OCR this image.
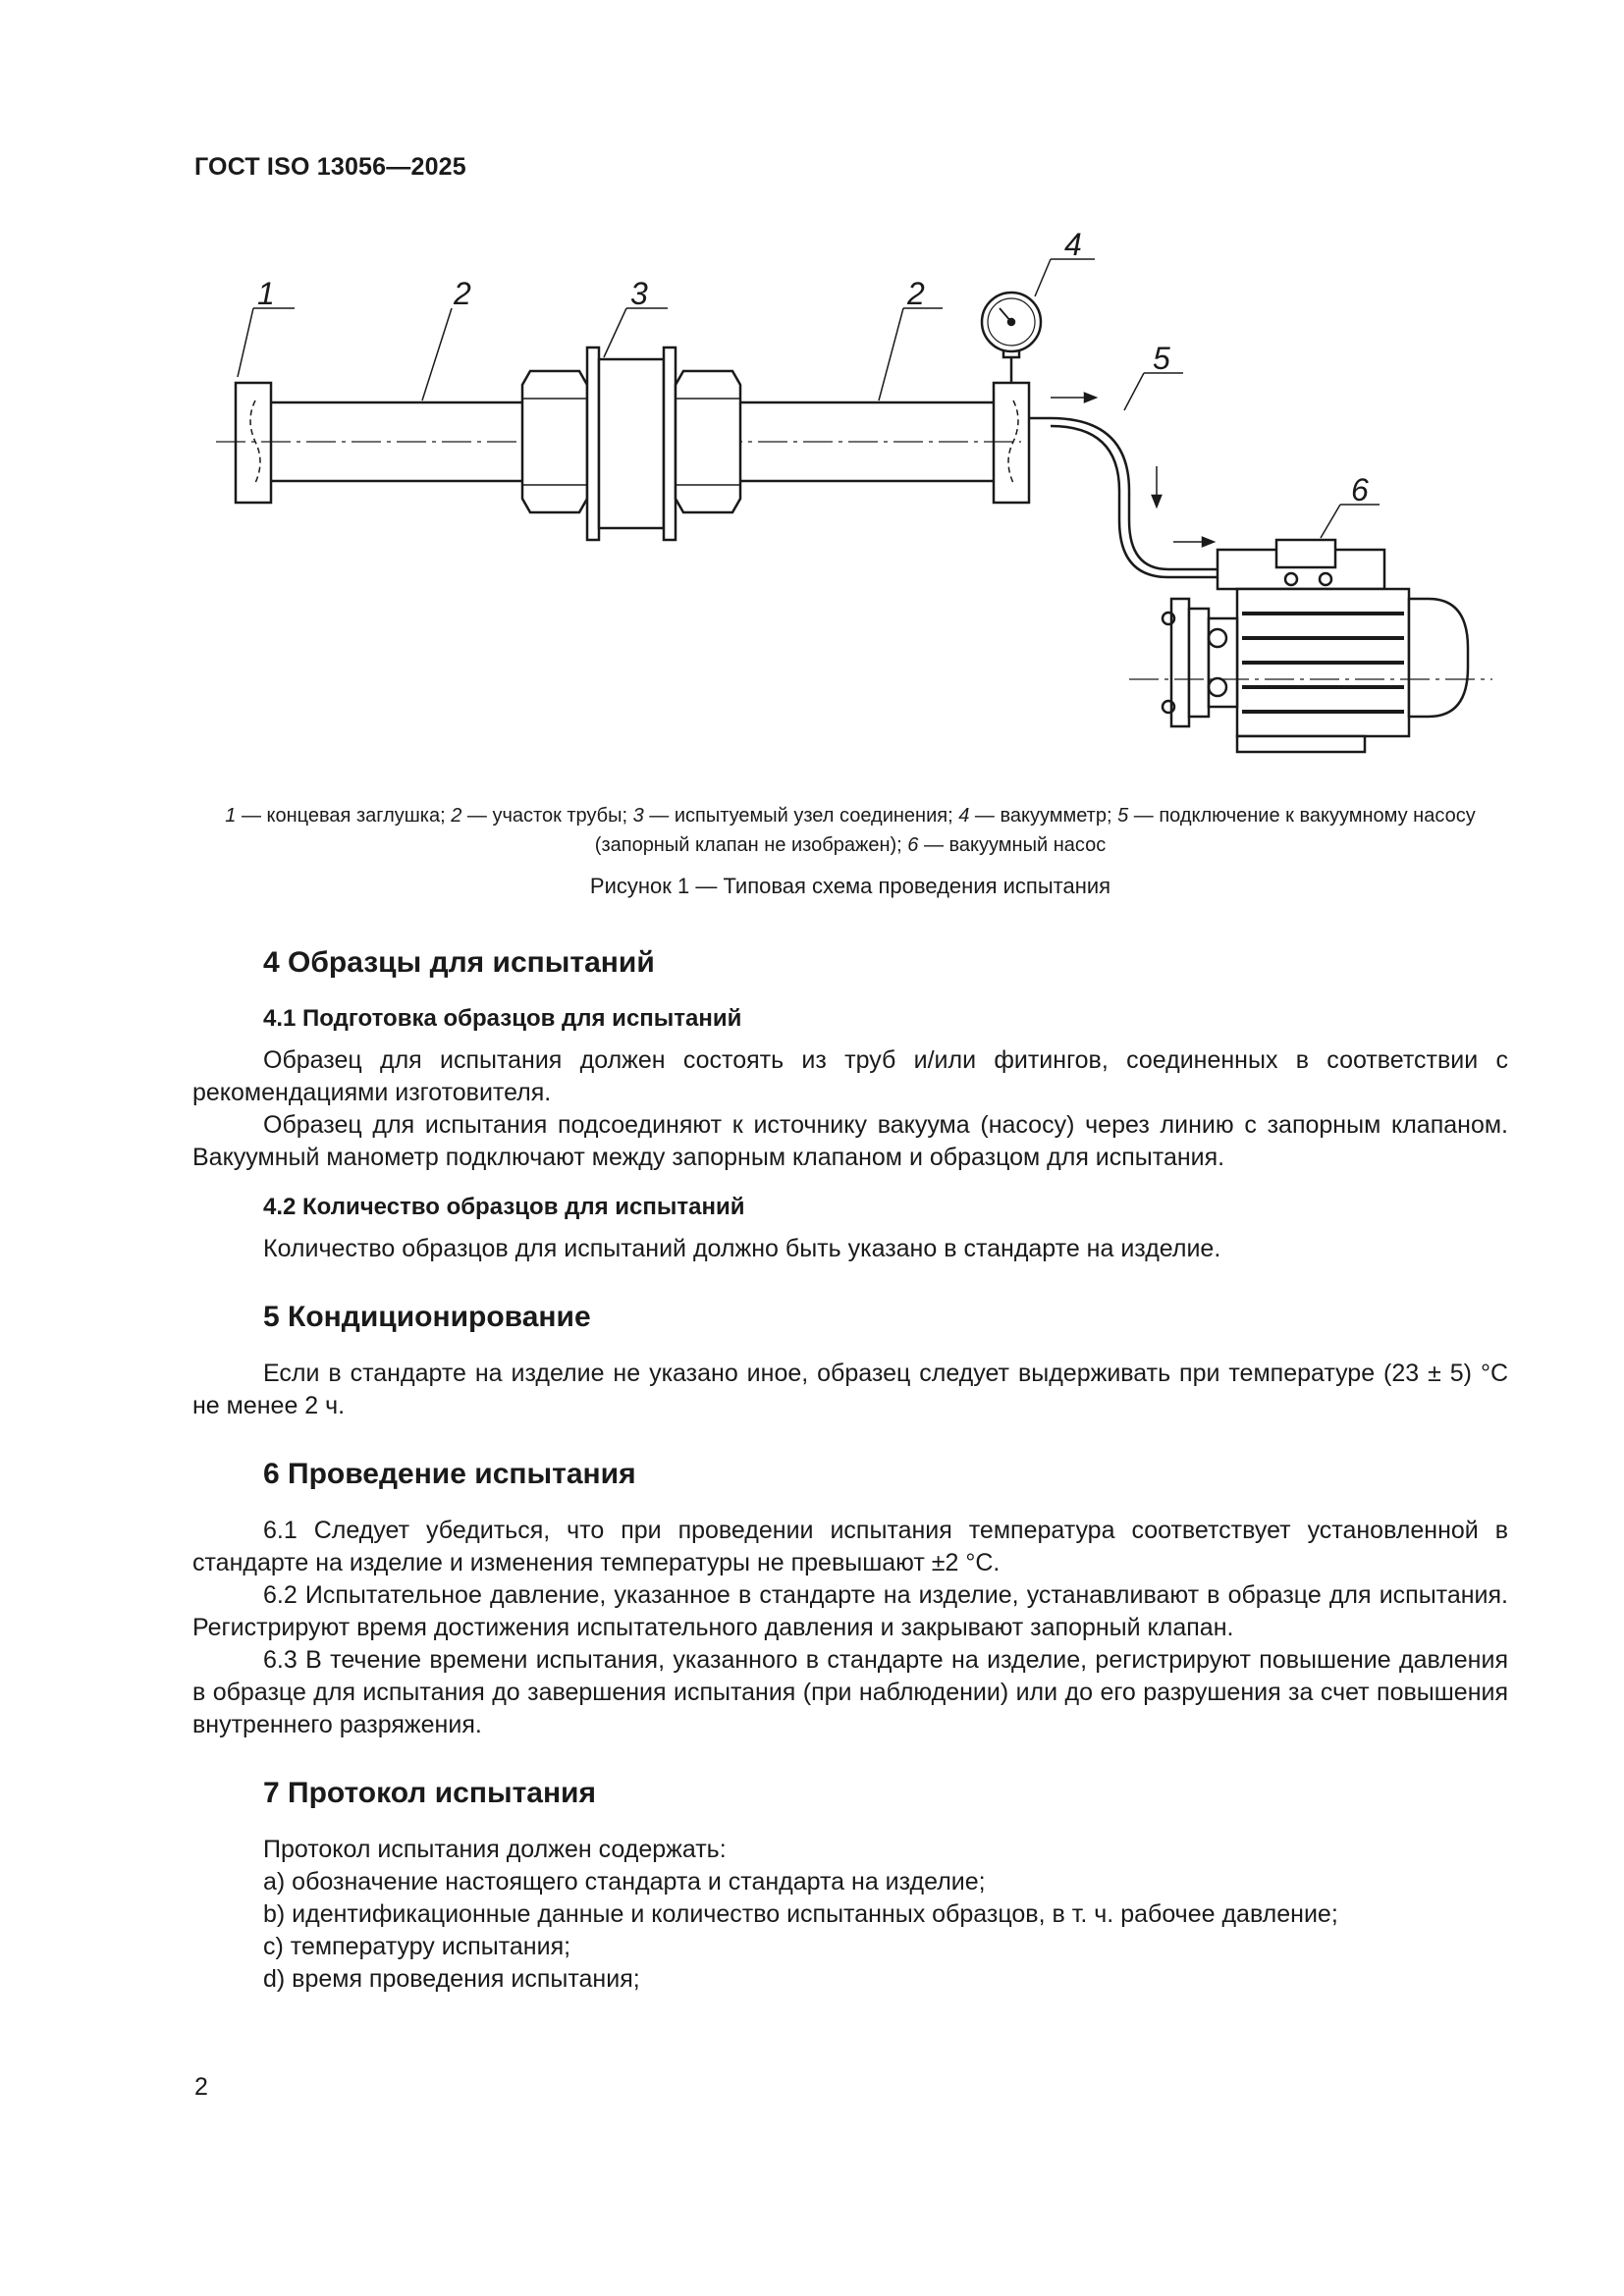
ГОСТ ISO 13056—2025
1	2	3	2
4
5
6
1 — концевая заглушка; 2 — участок трубы; 3 — испытуемый узел соединения; 4 — вакуумметр; 5 — подключение к вакуумному насосу (запорный клапан не изображен); 6 — вакуумный насос
Рисунок 1 — Типовая схема проведения испытания
4 Образцы для испытаний
4.1 Подготовка образцов для испытаний

Образец для испытания должен состоять из труб и/или фитингов, соединенных в соответствии с рекомендациями изготовителя.

Образец для испытания подсоединяют к источнику вакуума (насосу) через линию с запорным клапаном. Вакуумный манометр подключают между запорным клапаном и образцом для испытания.

4.2 Количество образцов для испытаний

Количество образцов для испытаний должно быть указано в стандарте на изделие.

5 Кондиционирование

Если в стандарте на изделие не указано иное, образец следует выдерживать при температуре (23 ± 5) °С не менее 2 ч.

6 Проведение испытания

6.1 Следует убедиться, что при проведении испытания температура соответствует установленной в стандарте на изделие и изменения температуры не превышают ±2 °С.

6.2 Испытательное давление, указанное в стандарте на изделие, устанавливают в образце для испытания. Регистрируют время достижения испытательного давления и закрывают запорный клапан.

6.3 В течение времени испытания, указанного в стандарте на изделие, регистрируют повышение давления в образце для испытания до завершения испытания (при наблюдении) или до его разрушения за счет повышения внутреннего разряжения.

7 Протокол испытания
Протокол испытания должен содержать:
a) обозначение настоящего стандарта и стандарта на изделие;
b) идентификационные данные и количество испытанных образцов, в т. ч. рабочее давление;
c) температуру испытания;
d) время проведения испытания;
2
